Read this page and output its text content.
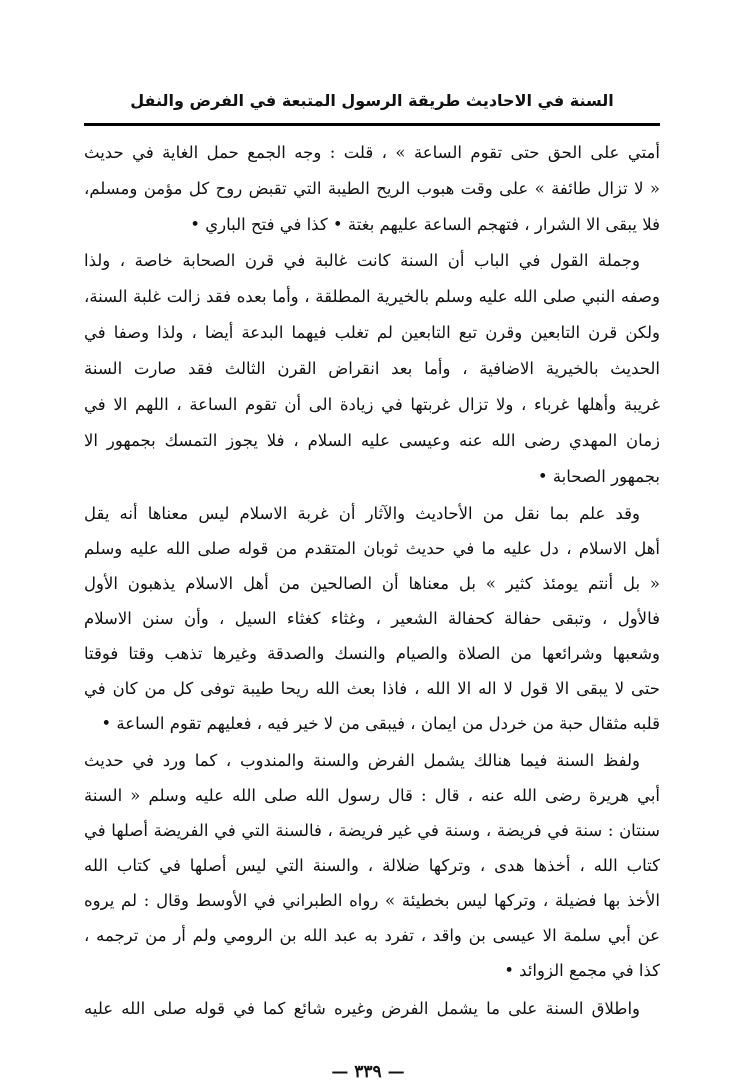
السنة في الاحاديث طريقة الرسول المتبعة في الفرض والنفل
أمتي على الحق حتى تقوم الساعة » ، قلت : وجه الجمع حمل الغاية في حديث
« لا تزال طائفة » على وقت هبوب الريح الطيبة التي تقبض روح كل مؤمن ومسلم،
فلا يبقى الا الشرار ، فتهجم الساعة عليهم بغتة • كذا في فتح الباري •
وجملة القول في الباب أن السنة كانت غالبة في قرن الصحابة خاصة ، ولذا
وصفه النبي صلى الله عليه وسلم بالخيرية المطلقة ، وأما بعده فقد زالت غلبة السنة،
ولكن قرن التابعين وقرن تبع التابعين لم تغلب فيهما البدعة أيضا ، ولذا وصفا في
الحديث بالخيرية الاضافية ، وأما بعد انقراض القرن الثالث فقد صارت السنة
غريبة وأهلها غرباء ، ولا تزال غربتها في زيادة الى أن تقوم الساعة ، اللهم الا في
زمان المهدي رضى الله عنه وعيسى عليه السلام ، فلا يجوز التمسك بجمهور الا
بجمهور الصحابة •
وقد علم بما نقل من الأحاديث والآثار أن غربة الاسلام ليس معناها أنه يقل
أهل الاسلام ، دل عليه ما في حديث ثوبان المتقدم من قوله صلى الله عليه وسلم
« بل أنتم يومئذ كثير » بل معناها أن الصالحين من أهل الاسلام يذهبون الأول
فالأول ، وتبقى حفالة كحفالة الشعير ، وغثاء كغثاء السيل ، وأن سنن الاسلام
وشعبها وشرائعها من الصلاة والصيام والنسك والصدقة وغيرها تذهب وقتا فوقتا
حتى لا يبقى الا قول لا اله الا الله ، فاذا بعث الله ريحا طيبة توفى كل من كان في
قلبه مثقال حبة من خردل من ايمان ، فيبقى من لا خير فيه ، فعليهم تقوم الساعة •
ولفظ السنة فيما هنالك يشمل الفرض والسنة والمندوب ، كما ورد في حديث
أبي هريرة رضى الله عنه ، قال : قال رسول الله صلى الله عليه وسلم « السنة
سنتان : سنة في فريضة ، وسنة في غير فريضة ، فالسنة التي في الفريضة أصلها في
كتاب الله ، أخذها هدى ، وتركها ضلالة ، والسنة التي ليس أصلها في كتاب الله
الأخذ بها فضيلة ، وتركها ليس بخطيئة » رواه الطبراني في الأوسط وقال : لم يروه
عن أبي سلمة الا عيسى بن واقد ، تفرد به عبد الله بن الرومي ولم أر من ترجمه ،
كذا في مجمع الزوائد •
واطلاق السنة على ما يشمل الفرض وغيره شائع كما في قوله صلى الله عليه
— ٣٣٩ —
